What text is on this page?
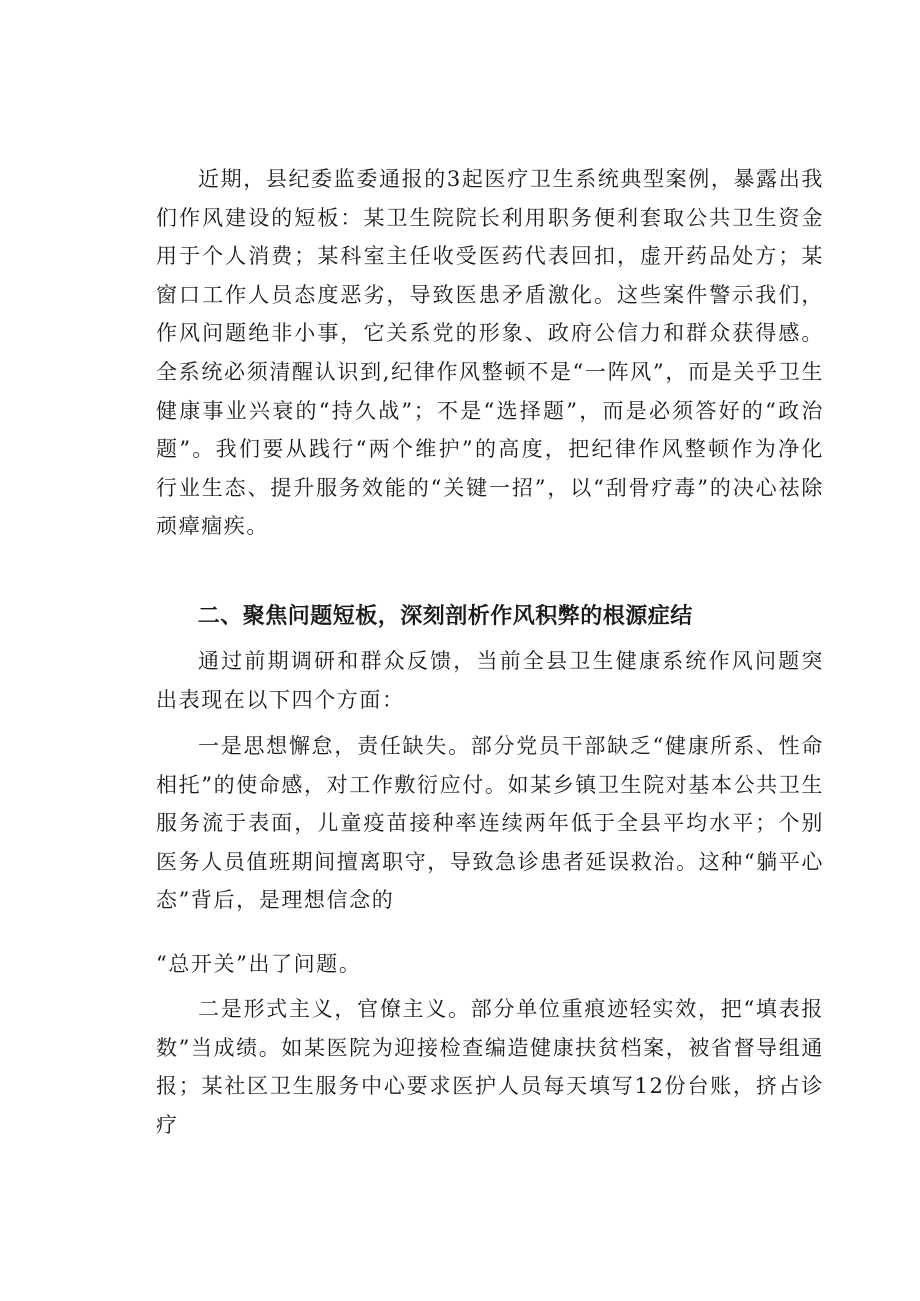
近期，县纪委监委通报的3起医疗卫生系统典型案例，暴露出我们作风建设的短板：某卫生院院长利用职务便利套取公共卫生资金用于个人消费；某科室主任收受医药代表回扣，虚开药品处方；某窗口工作人员态度恶劣，导致医患矛盾激化。这些案件警示我们，作风问题绝非小事，它关系党的形象、政府公信力和群众获得感。全系统必须清醒认识到,纪律作风整顿不是“一阵风”，而是关乎卫生健康事业兴衰的“持久战”；不是“选择题”，而是必须答好的“政治题”。我们要从践行“两个维护”的高度，把纪律作风整顿作为净化行业生态、提升服务效能的“关键一招”，以“刮骨疗毒”的决心祛除顽瘴痼疾。

二、聚焦问题短板，深刻剖析作风积弊的根源症结

通过前期调研和群众反馈，当前全县卫生健康系统作风问题突出表现在以下四个方面：

一是思想懈怠，责任缺失。部分党员干部缺乏“健康所系、性命相托”的使命感，对工作敷衍应付。如某乡镇卫生院对基本公共卫生服务流于表面，儿童疫苗接种率连续两年低于全县平均水平；个别医务人员值班期间擅离职守，导致急诊患者延误救治。这种“躺平心态”背后，是理想信念的

“总开关”出了问题。

二是形式主义，官僚主义。部分单位重痕迹轻实效，把“填表报数”当成绩。如某医院为迎接检查编造健康扶贫档案，被省督导组通报；某社区卫生服务中心要求医护人员每天填写12份台账，挤占诊疗
